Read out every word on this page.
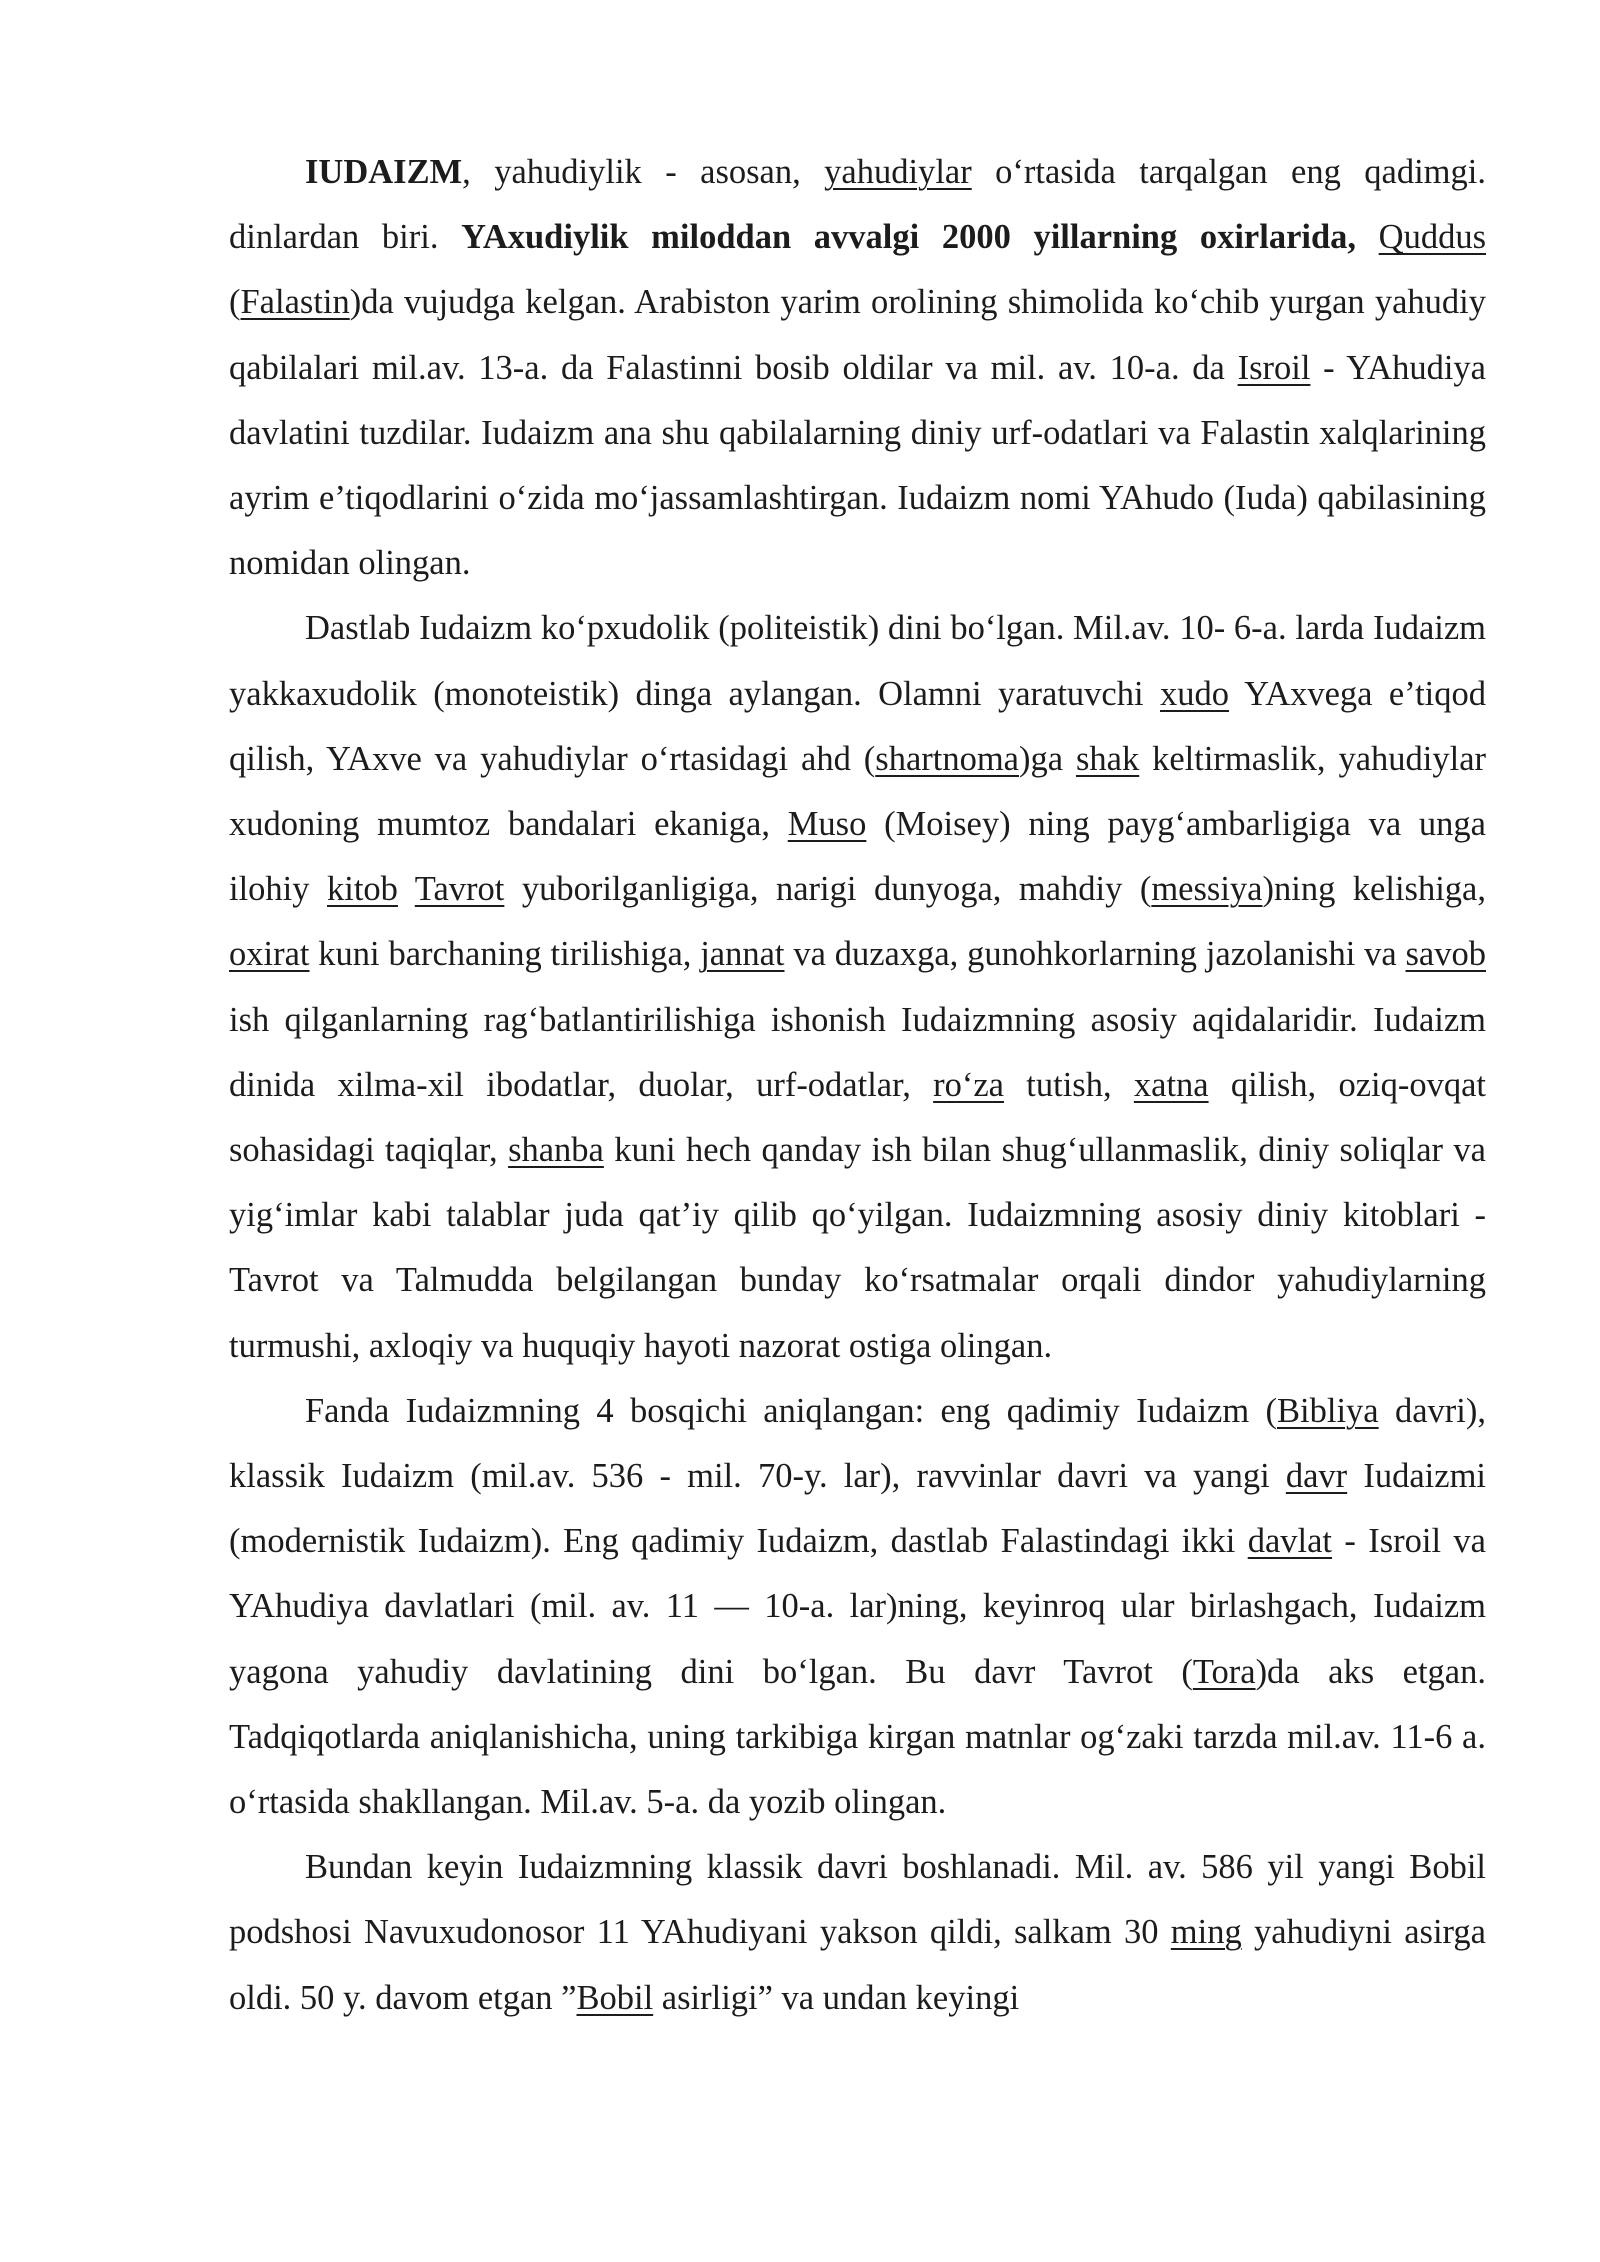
IUDAIZM, yahudiylik - asosan, yahudiylar o‘rtasida tarqalgan eng qadimgi. dinlardan biri. YAxudiylik miloddan avvalgi 2000 yillarning oxirlarida, Quddus (Falastin)da vujudga kelgan. Arabiston yarim orolining shimolida ko‘chib yurgan yahudiy qabilalari mil.av. 13-a. da Falastinni bosib oldilar va mil. av. 10-a. da Isroil - YAhudiya davlatini tuzdilar. Iudaizm ana shu qabilalarning diniy urf-odatlari va Falastin xalqlarining ayrim e’tiqodlarini o‘zida mo‘jassamlashtirgan. Iudaizm nomi YAhudo (Iuda) qabilasining nomidan olingan.

Dastlab Iudaizm ko‘pxudolik (politeistik) dini bo‘lgan. Mil.av. 10- 6-a. larda Iudaizm yakkaxudolik (monoteistik) dinga aylangan. Olamni yaratuvchi xudo YAxvega e’tiqod qilish, YAxve va yahudiylar o‘rtasidagi ahd (shartnoma)ga shak keltirmaslik, yahudiylar xudoning mumtoz bandalari ekaniga, Muso (Moisey) ning payg‘ambarligiga va unga ilohiy kitob Tavrot yuborilganligiga, narigi dunyoga, mahdiy (messiya)ning kelishiga, oxirat kuni barchaning tirilishiga, jannat va duzaxga, gunohkorlarning jazolanishi va savob ish qilganlarning rag‘batlantirilishiga ishonish Iudaizmning asosiy aqidalaridir. Iudaizm dinida xilma-xil ibodatlar, duolar, urf-odatlar, ro‘za tutish, xatna qilish, oziq-ovqat sohasidagi taqiqlar, shanba kuni hech qanday ish bilan shug‘ullanmaslik, diniy soliqlar va yig‘imlar kabi talablar juda qat’iy qilib qo‘yilgan. Iudaizmning asosiy diniy kitoblari - Tavrot va Talmudda belgilangan bunday ko‘rsatmalar orqali dindor yahudiylarning turmushi, axloqiy va huquqiy hayoti nazorat ostiga olingan.

Fanda Iudaizmning 4 bosqichi aniqlangan: eng qadimiy Iudaizm (Bibliya davri), klassik Iudaizm (mil.av. 536 - mil. 70-y. lar), ravvinlar davri va yangi davr Iudaizmi (modernistik Iudaizm). Eng qadimiy Iudaizm, dastlab Falastindagi ikki davlat - Isroil va YAhudiya davlatlari (mil. av. 11 — 10-a. lar)ning, keyinroq ular birlashgach, Iudaizm yagona yahudiy davlatining dini bo‘lgan. Bu davr Tavrot (Tora)da aks etgan. Tadqiqotlarda aniqlanishicha, uning tarkibiga kirgan matnlar og‘zaki tarzda mil.av. 11-6 a. o‘rtasida shakllangan. Mil.av. 5-a. da yozib olingan.

Bundan keyin Iudaizmning klassik davri boshlanadi. Mil. av. 586 yil yangi Bobil podshosi Navuxudonosor 11 YAhudiyani yakson qildi, salkam 30 ming yahudiyni asirga oldi. 50 y. davom etgan ”Bobil asirligi” va undan keyingi
